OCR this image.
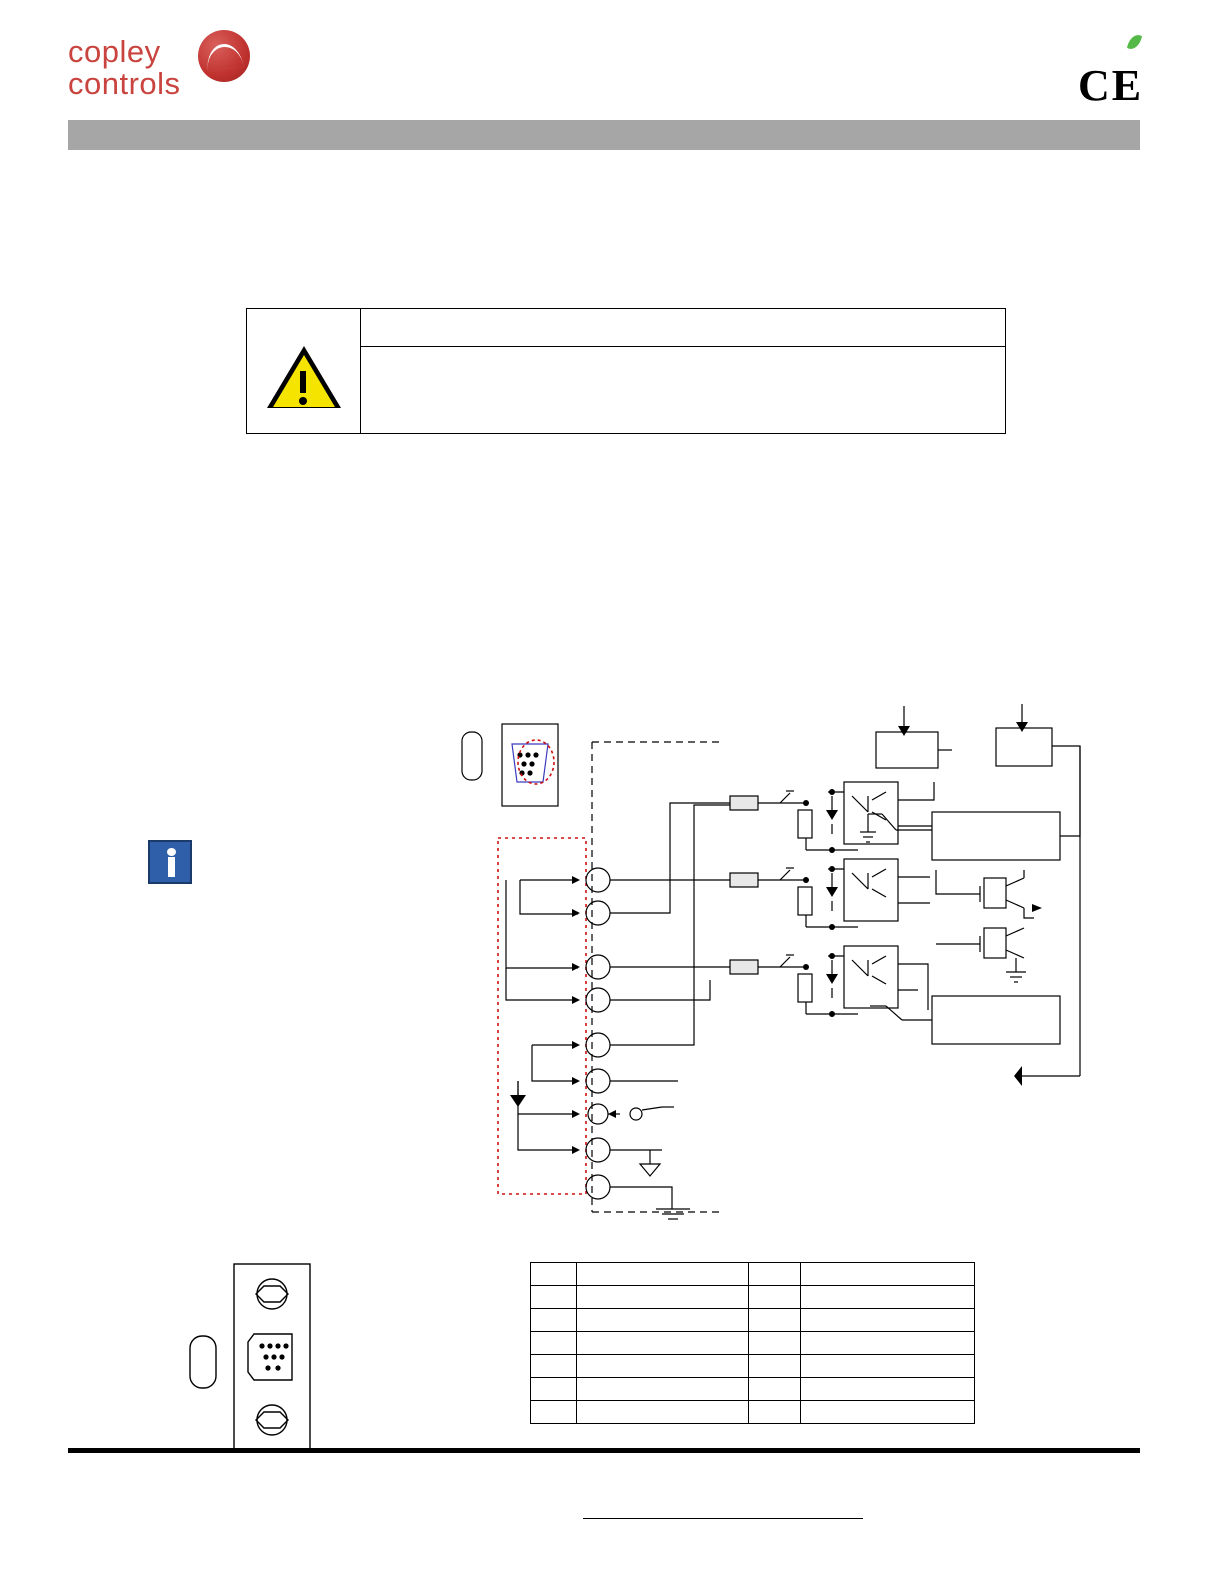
copley
controls	CE
